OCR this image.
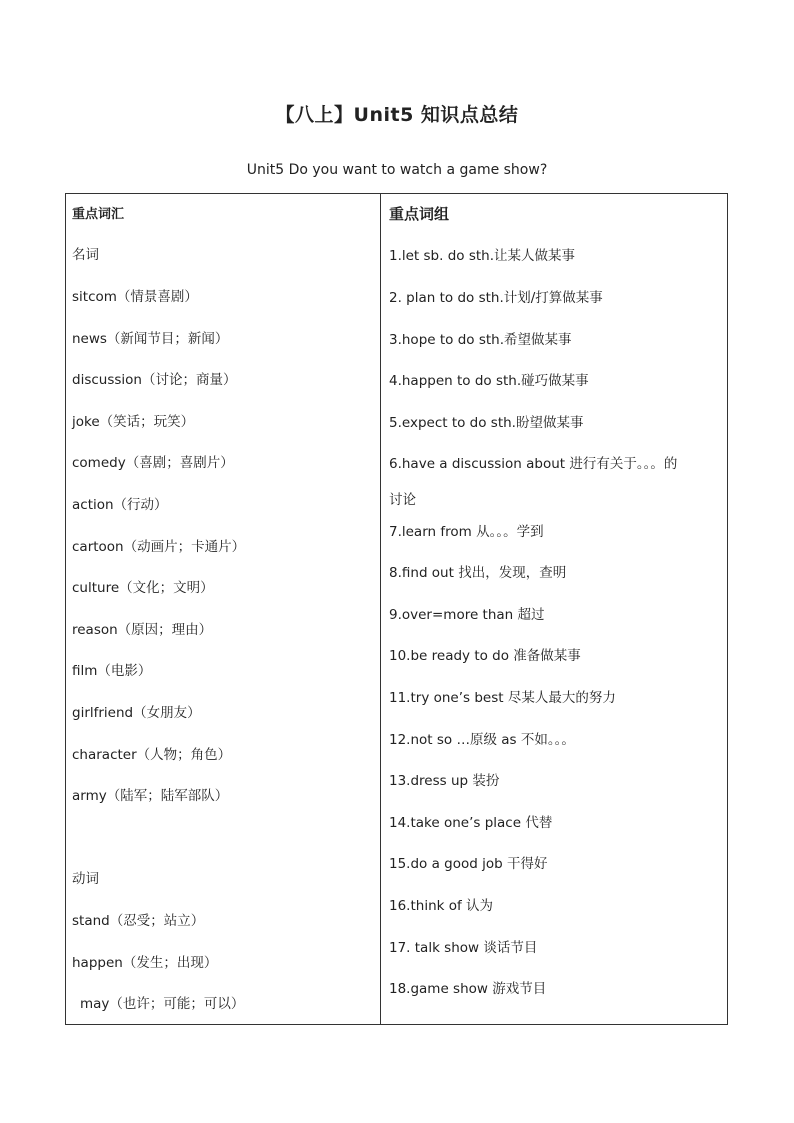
【八上】Unit5 知识点总结
Unit5 Do you want to watch a game show?
重点词汇
名词
sitcom（情景喜剧）
news（新闻节目；新闻）
discussion（讨论；商量）
joke（笑话；玩笑）
comedy（喜剧；喜剧片）
action（行动）
cartoon（动画片；卡通片）
culture（文化；文明）
reason（原因；理由）
film（电影）
girlfriend（女朋友）
character（人物；角色）
army（陆军；陆军部队）
动词
stand（忍受；站立）
happen（发生；出现）
may（也许；可能；可以）
重点词组
1.let sb. do sth.让某人做某事
2. plan to do sth.计划/打算做某事
3.hope to do sth.希望做某事
4.happen to do sth.碰巧做某事
5.expect to do sth.盼望做某事
6.have a discussion about 进行有关于。。。的
讨论
7.learn from 从。。。学到
8.find out 找出，发现，查明
9.over=more than 超过
10.be ready to do 准备做某事
11.try one’s best 尽某人最大的努力
12.not so …原级 as 不如。。。
13.dress up 装扮
14.take one’s place 代替
15.do a good job 干得好
16.think of 认为
17. talk show 谈话节目
18.game show 游戏节目
